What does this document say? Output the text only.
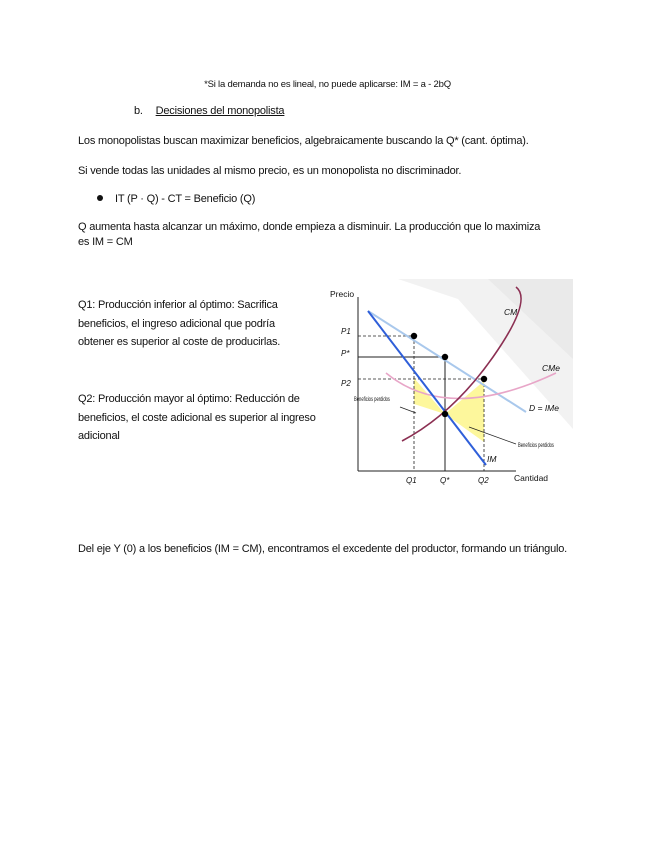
*Si la demanda no es lineal, no puede aplicarse: IM = a - 2bQ
b. Decisiones del monopolista
Los monopolistas buscan maximizar beneficios, algebraicamente buscando la Q* (cant. óptima).
Si vende todas las unidades al mismo precio, es un monopolista no discriminador.
IT (P · Q) - CT = Beneficio (Q)
Q aumenta hasta alcanzar un máximo, donde empieza a disminuir. La producción que lo maximiza es IM = CM
Q1: Producción inferior al óptimo: Sacrifica beneficios, el ingreso adicional que podría obtener es superior al coste de producirlas.
Q2: Producción mayor al óptimo: Reducción de beneficios, el coste adicional es superior al ingreso adicional
Precio
Cantidad
P1
P*
P2
Q1	Q*	Q2
CM
CMe
D = IMe
IM
Beneficios perdidos
Beneficios perdidos
Del eje Y (0) a los beneficios (IM = CM), encontramos el excedente del productor, formando un triángulo.
